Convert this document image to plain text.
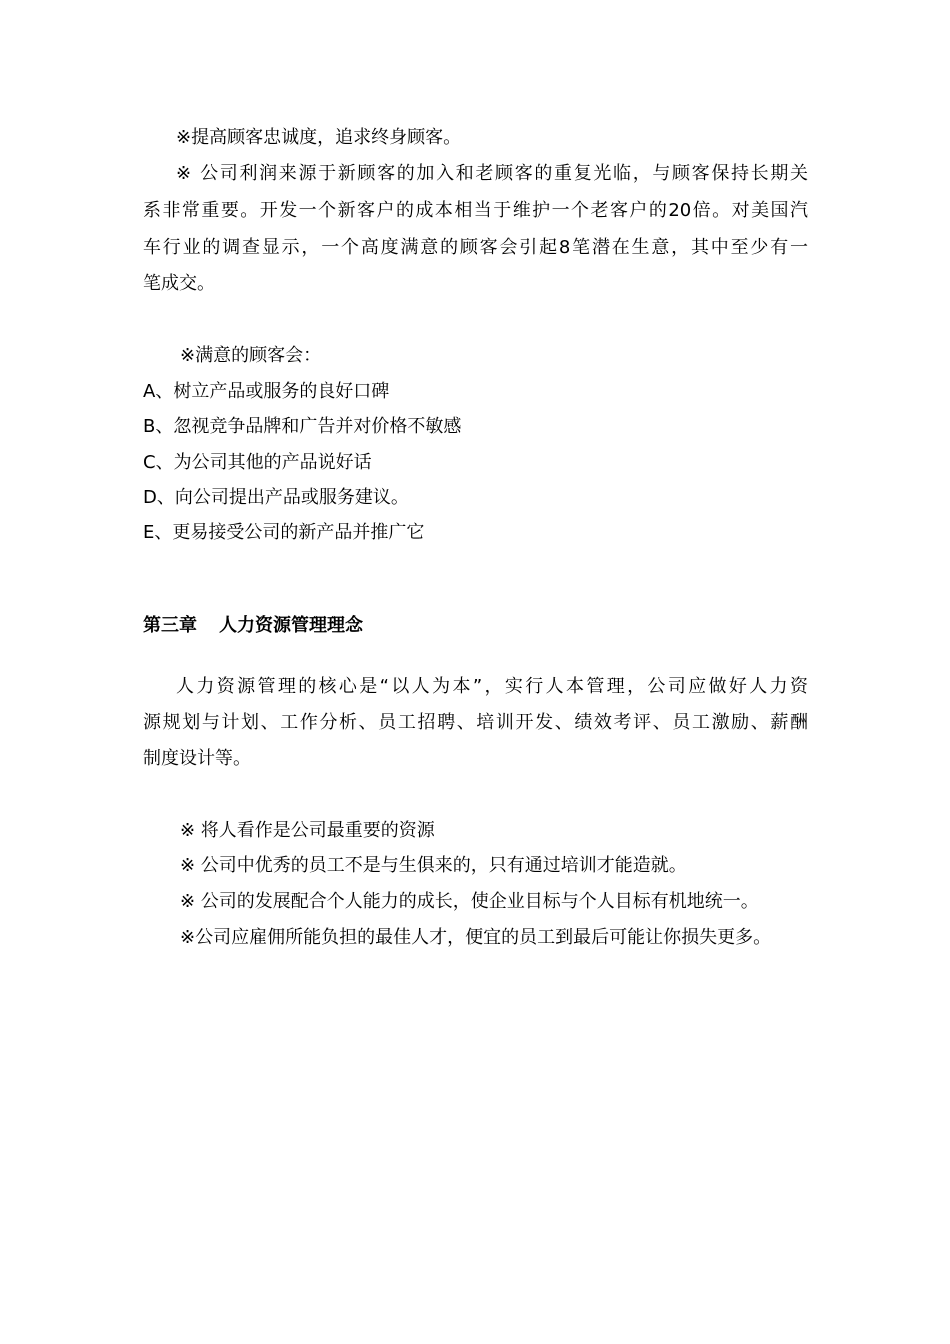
※提高顾客忠诚度，追求终身顾客。
※ 公司利润来源于新顾客的加入和老顾客的重复光临，与顾客保持长期关
系非常重要。开发一个新客户的成本相当于维护一个老客户的20倍。对美国汽
车行业的调查显示，一个高度满意的顾客会引起8笔潜在生意，其中至少有一
笔成交。
※满意的顾客会：
A、树立产品或服务的良好口碑
B、忽视竞争品牌和广告并对价格不敏感
C、为公司其他的产品说好话
D、向公司提出产品或服务建议。
E、更易接受公司的新产品并推广它
第三章 人力资源管理理念
人力资源管理的核心是“以人为本”，实行人本管理，公司应做好人力资
源规划与计划、工作分析、员工招聘、培训开发、绩效考评、员工激励、薪酬
制度设计等。
※ 将人看作是公司最重要的资源
※ 公司中优秀的员工不是与生俱来的，只有通过培训才能造就。
※ 公司的发展配合个人能力的成长，使企业目标与个人目标有机地统一。
※公司应雇佣所能负担的最佳人才，便宜的员工到最后可能让你损失更多。
